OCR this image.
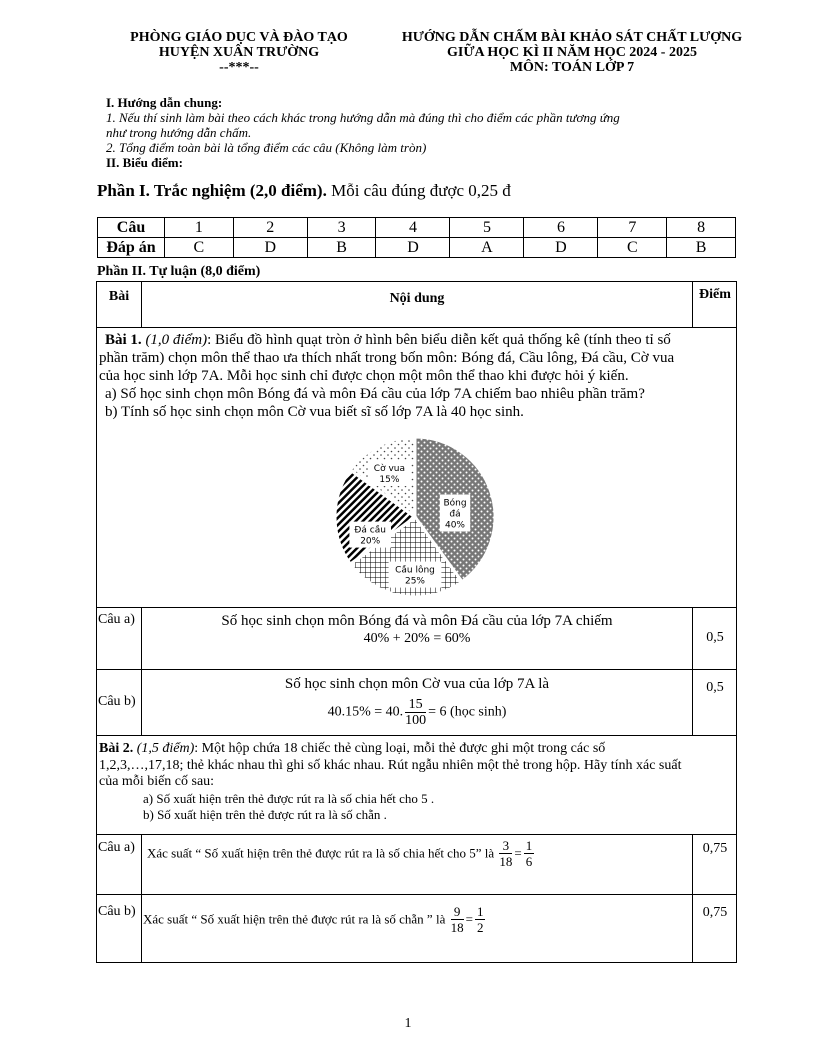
PHÒNG GIÁO DỤC VÀ ĐÀO TẠO
HUYỆN XUÂN TRƯỜNG
--***--
HƯỚNG DẪN CHẤM BÀI KHẢO SÁT CHẤT LƯỢNG
GIỮA HỌC KÌ II NĂM HỌC 2024 - 2025
MÔN: TOÁN LỚP 7
I. Hướng dẫn chung:
1. Nếu thí sinh làm bài theo cách khác trong hướng dẫn mà đúng thì cho điểm các phần tương ứng
như trong hướng dẫn chấm.
2. Tổng điểm toàn bài là tổng điểm các câu (Không làm tròn)
II. Biểu điểm:
Phần I. Trắc nghiệm (2,0 điểm). Mỗi câu đúng được 0,25 đ
Câu	1	2	3	4	5	6	7	8
Đáp án	C	D	B	D	A	D	C	B
Phần II. Tự luận (8,0 điểm)
Bài	Nội dung	Điểm
Bài 1. (1,0 điểm): Biểu đồ hình quạt tròn ở hình bên biểu diễn kết quả thống kê (tính theo tỉ số
phần trăm) chọn môn thể thao ưa thích nhất trong bốn môn: Bóng đá, Cầu lông, Đá cầu, Cờ vua
của học sinh lớp 7A. Mỗi học sinh chỉ được chọn một môn thể thao khi được hỏi ý kiến.
a) Số học sinh chọn môn Bóng đá và môn Đá cầu của lớp 7A chiếm bao nhiêu phần trăm?
b) Tính số học sinh chọn môn Cờ vua biết sĩ số lớp 7A là 40 học sinh.
Bóng đá 40%
Cầu lông 25%
Đá cầu 20%
Cờ vua 15%
Câu a)	Số học sinh chọn môn Bóng đá và môn Đá cầu của lớp 7A chiếm
40% + 20% = 60%	0,5
Câu b)
Số học sinh chọn môn Cờ vua của lớp 7A là
40.15% = 40. $\frac{15}{100} = 6$ (học sinh)
0,5
Bài 2. (1,5 điểm): Một hộp chứa 18 chiếc thẻ cùng loại, mỗi thẻ được ghi một trong các số
1,2,3,…,17,18; thẻ khác nhau thì ghi số khác nhau. Rút ngẫu nhiên một thẻ trong hộp. Hãy tính xác suất
của mỗi biến cố sau:
a) Số xuất hiện trên thẻ được rút ra là số chia hết cho 5 .
b) Số xuất hiện trên thẻ được rút ra là số chẵn .
Câu a) Xác suất “ Số xuất hiện trên thẻ được rút ra là số chia hết cho 5” là $\frac{3}{18} = \frac{1}{6}$	0,75
Câu b) Xác suất “ Số xuất hiện trên thẻ được rút ra là số chẵn ” là $\frac{9}{18} = \frac{1}{2}$	0,75
1
